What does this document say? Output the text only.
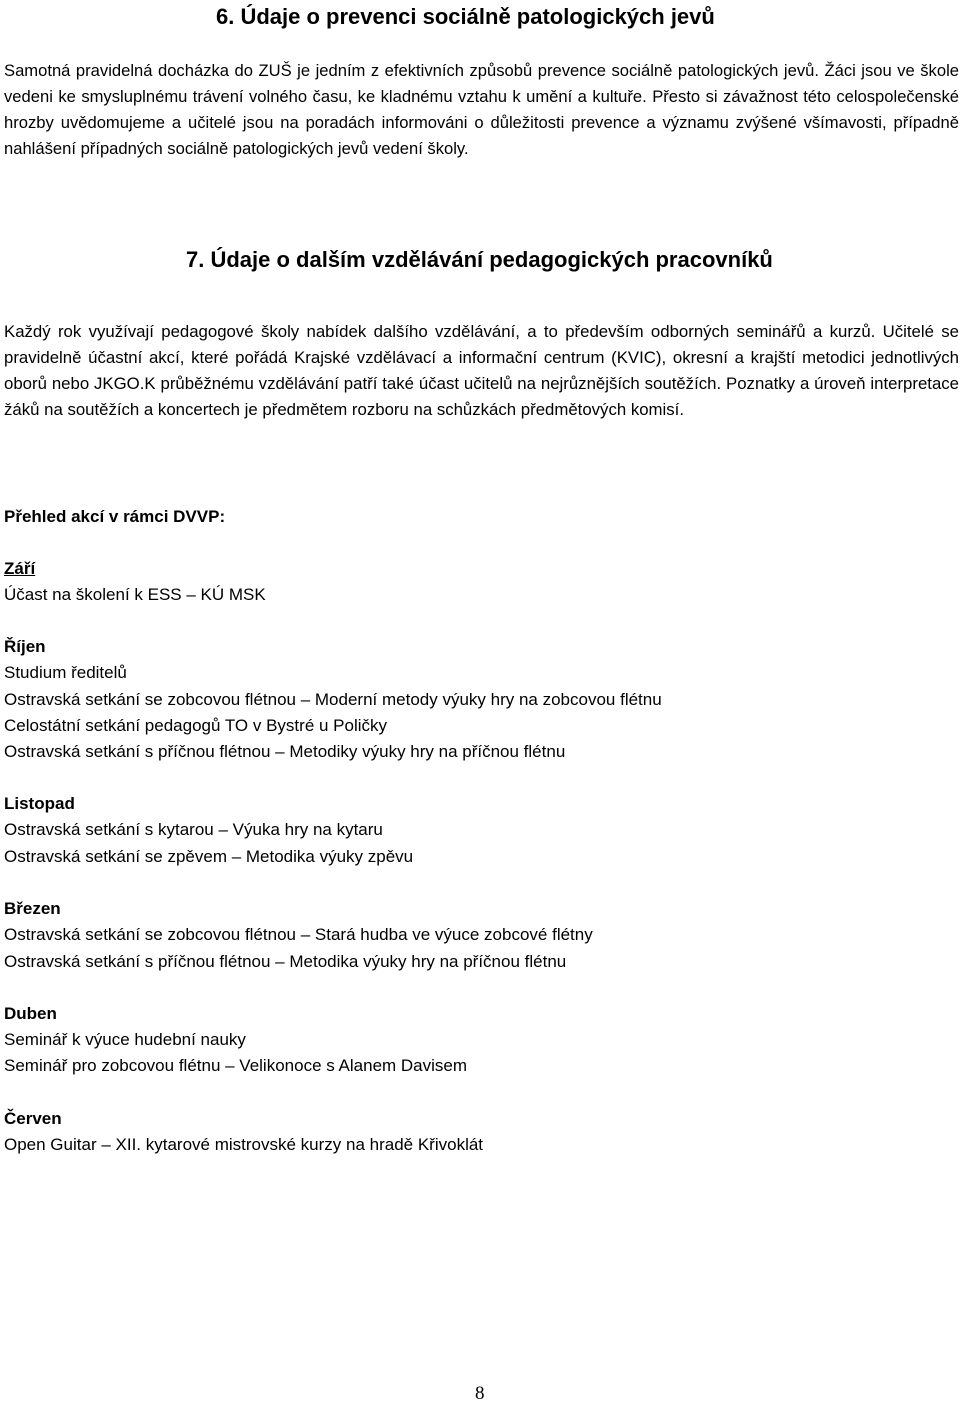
6. Údaje o prevenci sociálně patologických jevů

Samotná pravidelná docházka do ZUŠ je jedním z efektivních způsobů prevence sociálně patologických jevů. Žáci jsou ve škole vedeni ke smysluplnému trávení volného času, ke kladnému vztahu k umění a kultuře. Přesto si závažnost této celospolečenské hrozby uvědomujeme a učitelé jsou na poradách informováni o důležitosti prevence a významu zvýšené všímavosti, případně nahlášení případných sociálně patologických jevů vedení školy.

7. Údaje o dalším vzdělávání pedagogických pracovníků

Každý rok využívají pedagogové školy nabídek dalšího vzdělávání, a to především odborných seminářů a kurzů. Učitelé se pravidelně účastní akcí, které pořádá Krajské vzdělávací a informační centrum (KVIC), okresní a krajští metodici jednotlivých oborů nebo JKGO.K průběžnému vzdělávání patří také účast učitelů na nejrůznějších soutěžích. Poznatky a úroveň interpretace žáků na soutěžích a koncertech je předmětem rozboru na schůzkách předmětových komisí.

Přehled akcí v rámci DVVP:
Září
Účast na školení k ESS – KÚ MSK
Říjen
Studium ředitelů
Ostravská setkání se zobcovou flétnou – Moderní metody výuky hry na zobcovou flétnu
Celostátní setkání pedagogů TO v Bystré u Poličky
Ostravská setkání s příčnou flétnou – Metodiky výuky hry na příčnou flétnu
Listopad
Ostravská setkání s kytarou – Výuka hry na kytaru
Ostravská setkání se zpěvem – Metodika výuky zpěvu
Březen
Ostravská setkání se zobcovou flétnou – Stará hudba ve výuce zobcové flétny
Ostravská setkání s příčnou flétnou – Metodika výuky hry na příčnou flétnu
Duben
Seminář k výuce hudební nauky
Seminář pro zobcovou flétnu – Velikonoce s Alanem Davisem
Červen
Open Guitar – XII. kytarové mistrovské kurzy na hradě Křivoklát
8
